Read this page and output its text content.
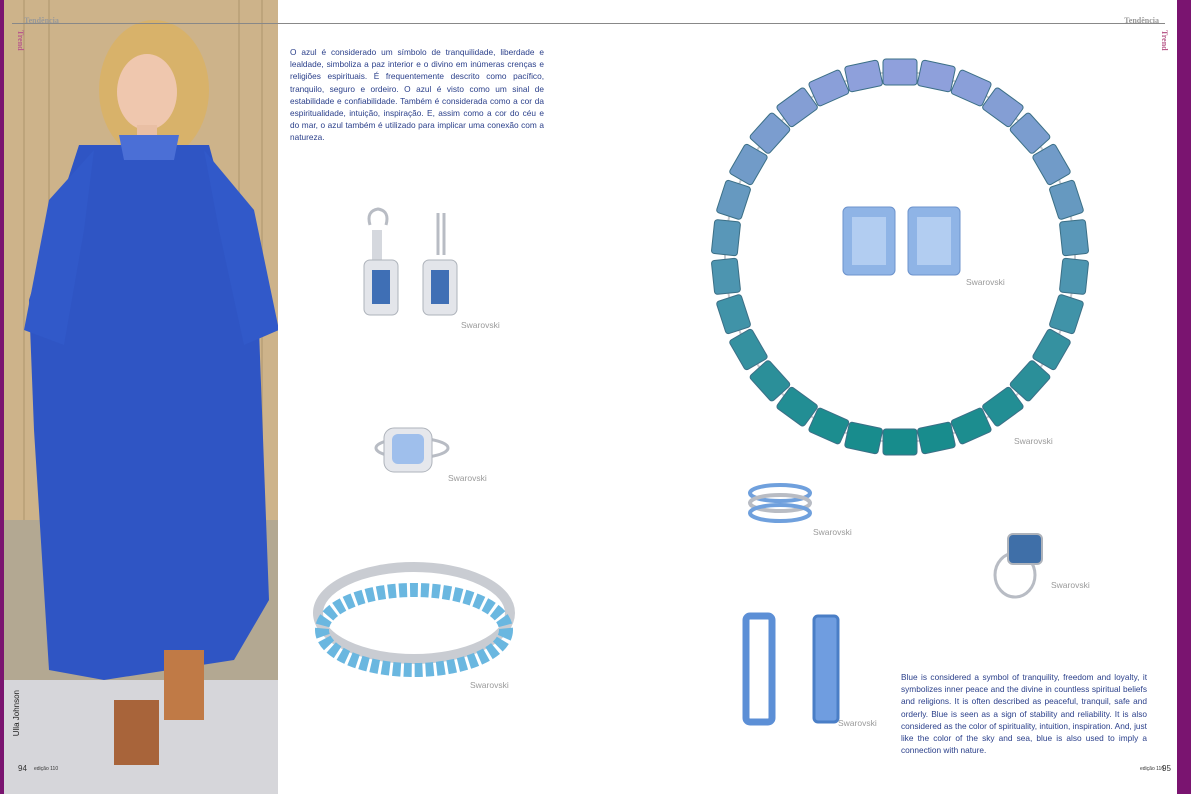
Tendência	Tendência
Trend	Trend
Ulla Johnson
O azul é considerado um símbolo de tranquilidade, liberdade e lealdade, simboliza a paz interior e o divino em inúmeras crenças e religiões espirituais. É frequentemente descrito como pacífico, tranquilo, seguro e ordeiro. O azul é visto como um sinal de estabilidade e confiabilidade. Também é considerada como a cor da espiritualidade, intuição, inspiração. E, assim como a cor do céu e do mar, o azul também é utilizado para implicar uma conexão com a natureza.
Swarovski
Swarovski
Swarovski
Swarovski
Swarovski
Swarovski
Swarovski
Swarovski
Blue is considered a symbol of tranquility, freedom and loyalty, it symbolizes inner peace and the divine in countless spiritual beliefs and religions. It is often described as peaceful, tranquil, safe and orderly. Blue is seen as a sign of stability and reliability. It is also considered as the color of spirituality, intuition, inspiration. And, just like the color of the sky and sea, blue is also used to imply a connection with nature.
94 edição 110	edição 110
95
